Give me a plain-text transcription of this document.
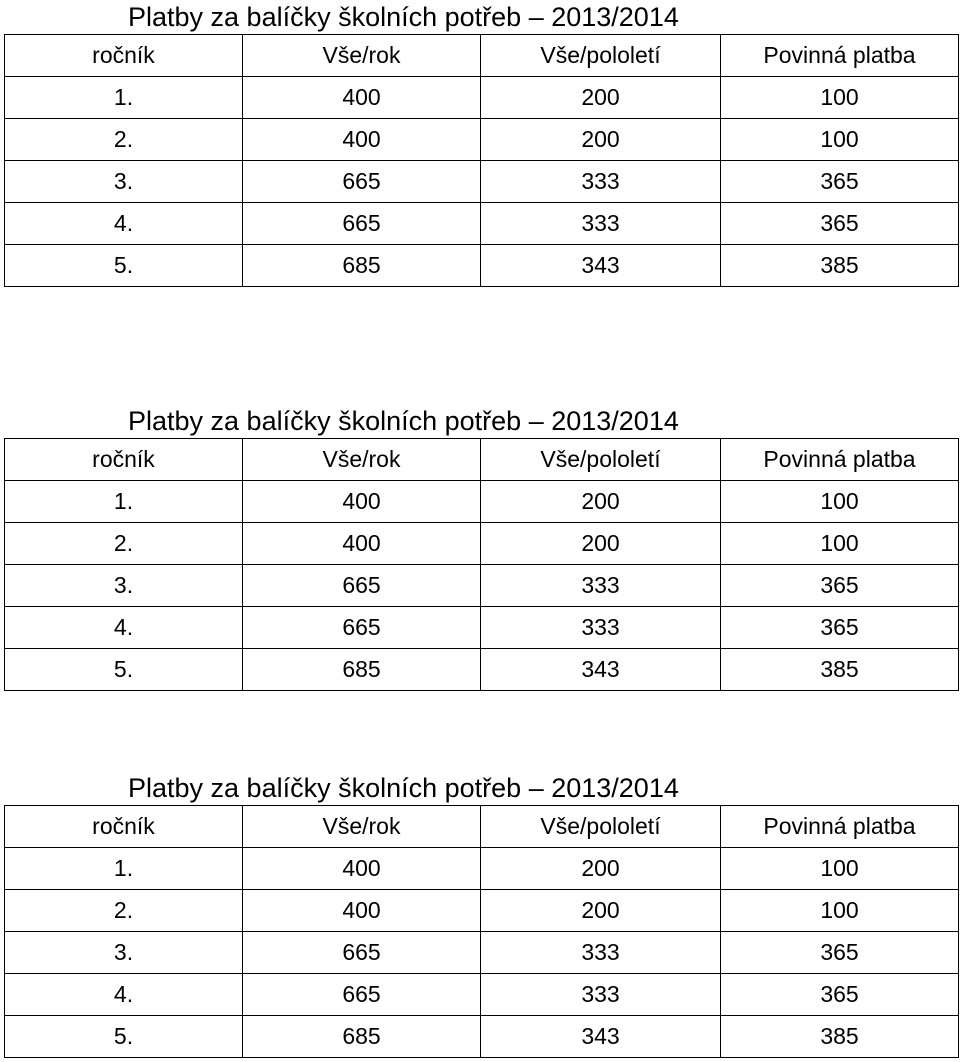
Platby za balíčky školních potřeb – 2013/2014
ročník	Vše/rok	Vše/pololetí	Povinná platba
1.	400	200	100
2.	400	200	100
3.	665	333	365
4.	665	333	365
5.	685	343	385
Platby za balíčky školních potřeb – 2013/2014
ročník	Vše/rok	Vše/pololetí	Povinná platba
1.	400	200	100
2.	400	200	100
3.	665	333	365
4.	665	333	365
5.	685	343	385
Platby za balíčky školních potřeb – 2013/2014
ročník	Vše/rok	Vše/pololetí	Povinná platba
1.	400	200	100
2.	400	200	100
3.	665	333	365
4.	665	333	365
5.	685	343	385
